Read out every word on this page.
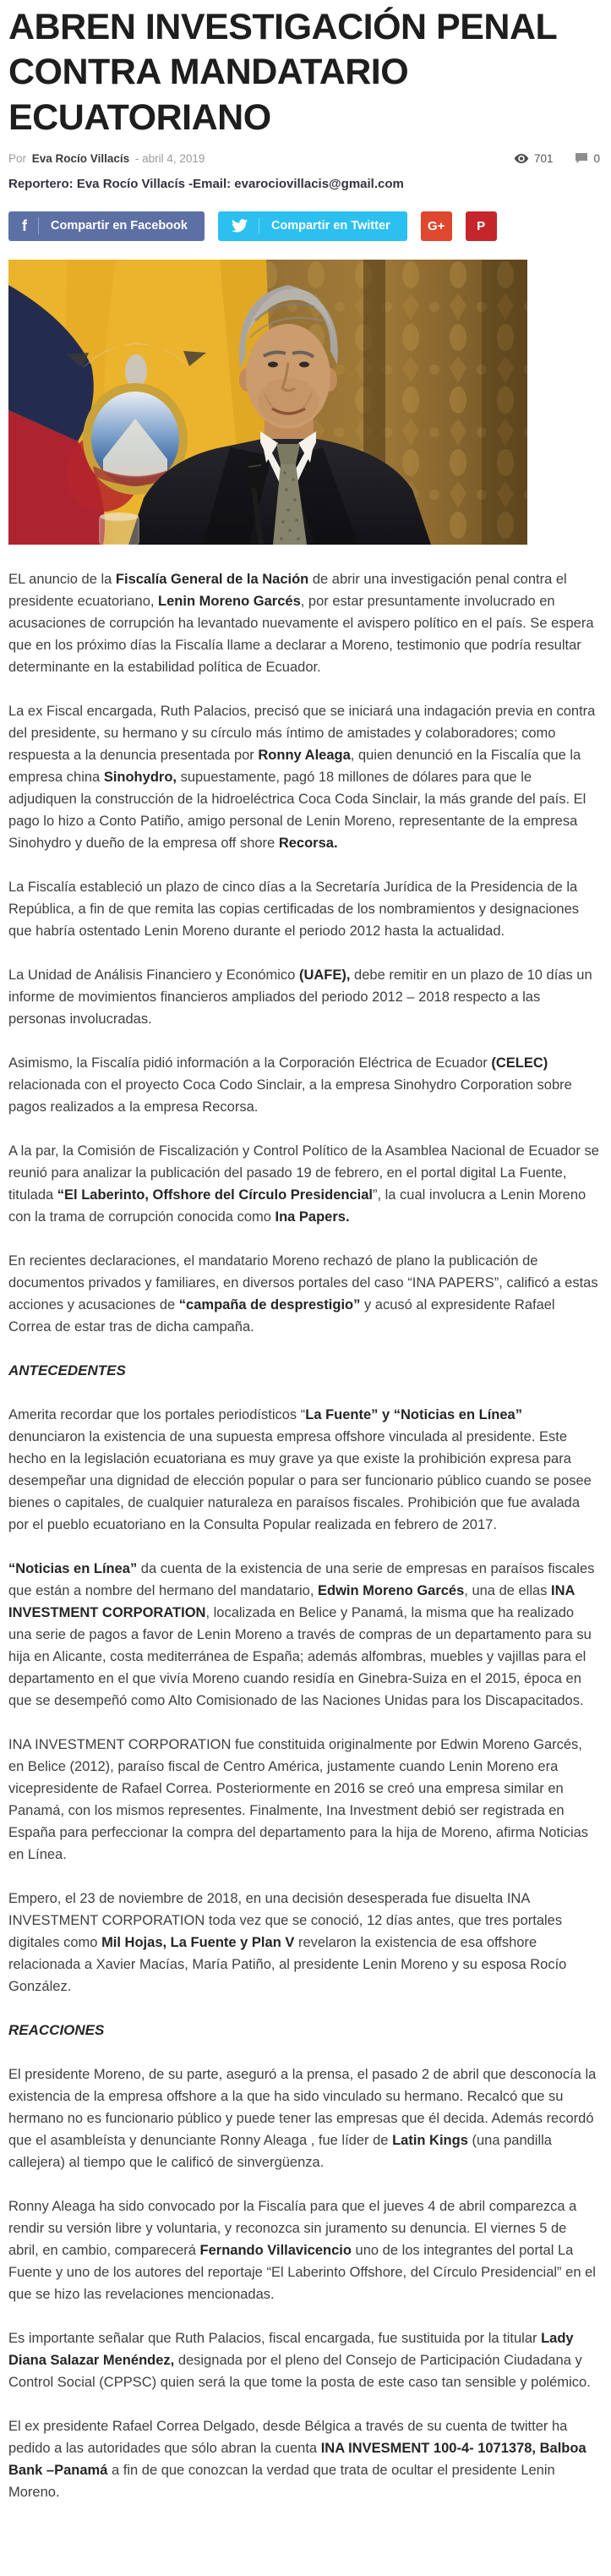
ABREN INVESTIGACIÓN PENAL CONTRA MANDATARIO ECUATORIANO
Por Eva Rocío Villacís - abril 4, 2019	701	0
Reportero: Eva Rocío Villacís -Email: evarociovillacis@gmail.com
f	Compartir en Facebook	Compartir en Twitter	G+	P

EL anuncio de la Fiscalía General de la Nación de abrir una investigación penal contra el presidente ecuatoriano, Lenin Moreno Garcés, por estar presuntamente involucrado en acusaciones de corrupción ha levantado nuevamente el avispero político en el país. Se espera que en los próximo días la Fiscalía llame a declarar a Moreno, testimonio que podría resultar determinante en la estabilidad política de Ecuador.

La ex Fiscal encargada, Ruth Palacios, precisó que se iniciará una indagación previa en contra del presidente, su hermano y su círculo más íntimo de amistades y colaboradores; como respuesta a la denuncia presentada por Ronny Aleaga, quien denunció en la Fiscalía que la empresa china Sinohydro, supuestamente, pagó 18 millones de dólares para que le adjudiquen la construcción de la hidroeléctrica Coca Coda Sinclair, la más grande del país. El pago lo hizo a Conto Patiño, amigo personal de Lenin Moreno, representante de la empresa Sinohydro y dueño de la empresa off shore Recorsa.

La Fiscalía estableció un plazo de cinco días a la Secretaría Jurídica de la Presidencia de la República, a fin de que remita las copias certificadas de los nombramientos y designaciones que habría ostentado Lenin Moreno durante el periodo 2012 hasta la actualidad.

La Unidad de Análisis Financiero y Económico (UAFE), debe remitir en un plazo de 10 días un informe de movimientos financieros ampliados del periodo 2012 – 2018 respecto a las personas involucradas.

Asimismo, la Fiscalía pidió información a la Corporación Eléctrica de Ecuador (CELEC) relacionada con el proyecto Coca Codo Sinclair, a la empresa Sinohydro Corporation sobre pagos realizados a la empresa Recorsa.

A la par, la Comisión de Fiscalización y Control Político de la Asamblea Nacional de Ecuador se reunió para analizar la publicación del pasado 19 de febrero, en el portal digital La Fuente, titulada “El Laberinto, Offshore del Círculo Presidencial”, la cual involucra a Lenin Moreno con la trama de corrupción conocida como Ina Papers.

En recientes declaraciones, el mandatario Moreno rechazó de plano la publicación de documentos privados y familiares, en diversos portales del caso “INA PAPERS”, calificó a estas acciones y acusaciones de “campaña de desprestigio” y acusó al expresidente Rafael Correa de estar tras de dicha campaña.

ANTECEDENTES

Amerita recordar que los portales periodísticos “La Fuente” y “Noticias en Línea” denunciaron la existencia de una supuesta empresa offshore vinculada al presidente. Este hecho en la legislación ecuatoriana es muy grave ya que existe la prohibición expresa para desempeñar una dignidad de elección popular o para ser funcionario público cuando se posee bienes o capitales, de cualquier naturaleza en paraísos fiscales. Prohibición que fue avalada por el pueblo ecuatoriano en la Consulta Popular realizada en febrero de 2017.

“Noticias en Línea” da cuenta de la existencia de una serie de empresas en paraísos fiscales que están a nombre del hermano del mandatario, Edwin Moreno Garcés, una de ellas INA INVESTMENT CORPORATION, localizada en Belice y Panamá, la misma que ha realizado una serie de pagos a favor de Lenin Moreno a través de compras de un departamento para su hija en Alicante, costa mediterránea de España; además alfombras, muebles y vajillas para el departamento en el que vivía Moreno cuando residía en Ginebra-Suiza en el 2015, época en que se desempeñó como Alto Comisionado de las Naciones Unidas para los Discapacitados.

INA INVESTMENT CORPORATION fue constituida originalmente por Edwin Moreno Garcés, en Belice (2012), paraíso fiscal de Centro América, justamente cuando Lenin Moreno era vicepresidente de Rafael Correa. Posteriormente en 2016 se creó una empresa similar en Panamá, con los mismos representes. Finalmente, Ina Investment debió ser registrada en España para perfeccionar la compra del departamento para la hija de Moreno, afirma Noticias en Línea.

Empero, el 23 de noviembre de 2018, en una decisión desesperada fue disuelta INA INVESTMENT CORPORATION toda vez que se conoció, 12 días antes, que tres portales digitales como Mil Hojas, La Fuente y Plan V revelaron la existencia de esa offshore relacionada a Xavier Macías, María Patiño, al presidente Lenin Moreno y su esposa Rocío González.

REACCIONES

El presidente Moreno, de su parte, aseguró a la prensa, el pasado 2 de abril que desconocía la existencia de la empresa offshore a la que ha sido vinculado su hermano. Recalcó que su hermano no es funcionario público y puede tener las empresas que él decida. Además recordó que el asambleísta y denunciante Ronny Aleaga , fue líder de Latin Kings (una pandilla callejera) al tiempo que le calificó de sinvergüenza.

Ronny Aleaga ha sido convocado por la Fiscalía para que el jueves 4 de abril comparezca a rendir su versión libre y voluntaria, y reconozca sin juramento su denuncia. El viernes 5 de abril, en cambio, comparecerá Fernando Villavicencio uno de los integrantes del portal La Fuente y uno de los autores del reportaje “El Laberinto Offshore, del Círculo Presidencial” en el que se hizo las revelaciones mencionadas.

Es importante señalar que Ruth Palacios, fiscal encargada, fue sustituida por la titular Lady Diana Salazar Menéndez, designada por el pleno del Consejo de Participación Ciudadana y Control Social (CPPSC) quien será la que tome la posta de este caso tan sensible y polémico.

El ex presidente Rafael Correa Delgado, desde Bélgica a través de su cuenta de twitter ha pedido a las autoridades que sólo abran la cuenta INA INVESMENT 100-4- 1071378, Balboa Bank –Panamá a fin de que conozcan la verdad que trata de ocultar el presidente Lenin Moreno.
